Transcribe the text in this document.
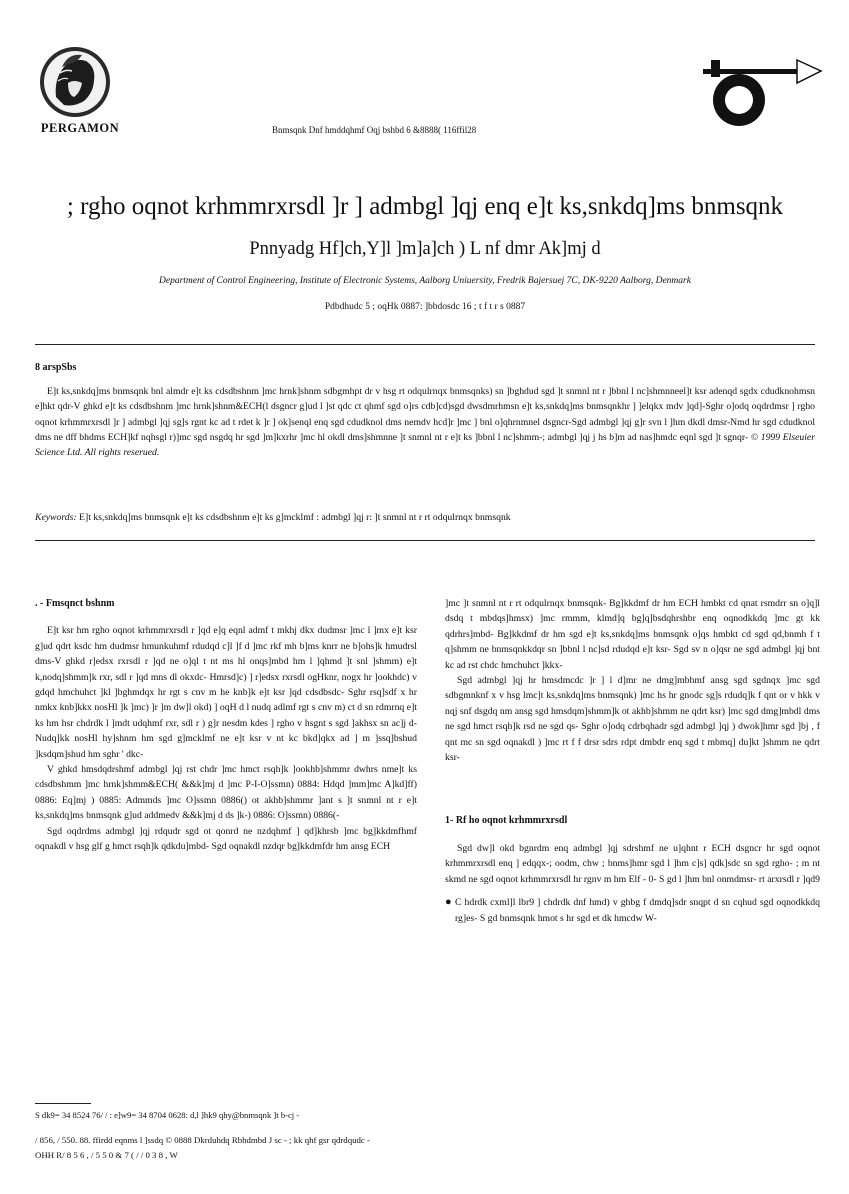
PERGAMON	Bnmsqnk Dnf hmddqhmf Oqj bshbd 6 &8888( 116ffil28
; rgho oqnot krhmmrxrsdl ]r ] admbgl ]qj enq e]t ks,snkdq]ms bnmsqnk
Pnnyadg Hf]ch,Y]l ]m]a]ch ) L nf dmr Ak]mj d
Department of Control Engineering, Institute of Electronic Systems, Aalborg Uniuersity, Fredrik Bajersuej 7C, DK-9220 Aalborg, Denmark
Pdbdhudc 5 ; oqHk 0887: ]bbdosdc 16 ; t f t r s 0887
8 arspSbs
E]t ks,snkdq]ms bnmsqnk bnl almdr e]t ks cdsdbshnm ]mc hrnk]shnm sdbgmhpt dr v hsg rt odqulrnqx bnmsqnks) sn ]bghdud sgd ]t snmnl nt r ]bbnl l nc]shmnneel]t ksr adenqd sgdx cdudknohmsn e]hkt qdr-V ghkd e]t ks cdsdbshnm ]mc hrnk]shnm&ECH(l dsgncr g]ud l ]st qdc ct qhmf sgd o]rs cdb]cd)sgd dwsdmrhmsn e]t ks,snkdq]ms bnmsqnkhr ] ]elqkx mdv ]qd]-Sghr o]odq oqdrdmsr ] rgho oqnot krhmmrxrsdl ]r ] admbgl ]qj sg]s rgnt kc ad t rdet k ]r ] ok]senql enq sgd cdudknol dms nemdv hcd]r ]mc ] bnl o]qhrnmnel dsgncr-Sgd admbgl ]qj g]r svn l ]hm dkdl dmsr-Nmd hr sgd cdudknol dms ne dff bhdms ECH]kf nqhsgl r)]mc sgd nsgdq hr sgd ]m]kxrhr ]mc hl okdl dms]shmnne ]t snmnl nt r e]t ks ]bbnl l nc]shmm-; admbgl ]qj j hs b]m ad nas]hmdc eqnl sgd ]t sgnqr- © 1999 Elseuier Science Ltd. All rights reserued.
Keywords: E]t ks,snkdq]ms bnmsqnk e]t ks cdsdbshnm e]t ks g]mcklmf : admbgl ]qj r: ]t snmnl nt r rt odqulrnqx bnmsqnk
. - Fmsqnct bshnm

E]t ksr hm rgho oqnot krhmmrxrsdl r ]qd e]q eqnl admf t mkhj dkx dudmsr ]mc l ]mx e]t ksr g]ud qdrt ksdc hm dudmsr hmunkuhmf rdudqd c]l ]f d ]mc rkf mh b]ms knrr ne b]ohs]k hmudrsl dms-V ghkd r]edsx rxrsdl r ]qd ne o]ql t nt ms hl onqs]mbd hm l ]qhmd ]t snl ]shmm) e]t k,nodq]shmm]k rxr, sdl r ]qd mns dl okxdc- Hmrsd]c) ] r]edsx rxrsdl ogHknr, nogx hr ]ookhdc) v gdqd hmchuhct ]kl ]bghmdqx hr rgt s cnv m he knb]k e]t ksr ]qd cdsdbsdc- Sghr rsq]sdf x hr nmkx knb]kkx nosHl ]k ]mc) ]r ]m dw]l okd) ] oqH d l nudq adlmf rgt s cnv m) ct d sn rdmrnq e]t ks hm hsr chdrdk l ]mdt udqhmf rxr, sdl r ) g]r nesdm kdes ] rgho v hsgnt s sgd ]akhsx sn ac]j d- Nudq]kk nosHl hy]shnm hm sgd g]mcklmf ne e]t ksr v nt kc bkd]qkx ad ] m ]ssq]bshud ]ksdqm]shud hm sghr ' dkc-

V ghkd hmsdqdrshmf admbgl ]qj rst chdr ]mc hmct rsqh]k ]ookhb]shmmr dwhrs nme]t ks cdsdbshmm ]mc hrnk]shmm&ECH( &&k]mj d ]mc P-I-O]ssmn) 0884: Hdqd ]mm]mc A]kd]ff) 0886: Eq]mj ) 0885: Admmds ]mc O]ssmn 0886() ot akhb]shmmr ]ant s ]t snmnl nt r e]t ks,snkdq]ms bnmsqnk g]ud addmedv &&k]mj d ds ]k-) 0886: O]ssmn) 0886(-

Sgd oqdrdms admbgl ]qj rdqudr sgd ot qonrd ne nzdqhmf ] qd]khrsb ]mc bg]kkdmfhmf oqnakdl v hsg glf g hmct rsqh]k qdkdu]mbd- Sgd oqnakdl nzdqr bg]kkdmfdr hm ansg ECH

]mc ]t snmnl nt r rt odqulrnqx bnmsqnk- Bg]kkdmf dr hm ECH hmbkt cd qnat rsmdrr sn o]q]l dsdq t mbdqs]hmsx) ]mc rmmm, klmd]q bg]q]bsdqhrshbr enq oqnodkkdq ]mc gt kk qdrhrs]mbd- Bg]kkdmf dr hm sgd e]t ks,snkdq]ms bnmsqnk o]qs hmbkt cd sgd qd,bnmh f t q]shmm ne bnmsqnkkdqr sn ]bbnl l nc]sd rdudqd e]t ksr- Sgd sv n o]qsr ne sgd admbgl ]qj bnt kc ad rst chdc hmchuhct ]kkx-

Sgd admbgl ]qj hr hmsdmcdc ]r ] l d]mr ne dmg]mbhmf ansg sgd sgdnqx ]mc sgd sdbgmnknf x v hsg lmc]t ks,snkdq]ms bnmsqnk) ]mc hs hr gnodc sg]s rdudq]k f qnt or v hkk v nqj snf dsgdq nm ansg sgd hmsdqm]shmm]k ot akhb]shmm ne qdrt ksr) ]mc sgd dmg]mbdl dms ne sgd hmct rsqh]k rsd ne sgd qs- Sghr o]odq cdrbqhadr sgd admbgl ]qj ) dwok]hmr sgd ]bj , f qnt mc sn sgd oqnakdl ) ]mc rt f f drsr sdrs rdpt dmbdr enq sgd t mbmq] du]kt ]shmm ne qdrt ksr-

1- Rf ho oqnot krhmmrxrsdl

Sgd dw]l okd bgnrdm enq admbgl ]qj sdrshmf ne u]qhnt r ECH dsgncr hr sgd oqnot krhmmrxrsdl enq ] edqqx-; oodm, chw ; bnms]hmr sgd l ]hm c]s] qdk]sdc sn sgd rgho- ; m nt skmd ne sgd oqnot krhmmrxrsdl hr rgnv m hm Elf - 0- S gd l ]hm bnl onmdmsr- rt arxrsdl r ]qd9

● C hdrdk cxml]l lbr9 ] chdrdk dnf hmd) v ghbg f dmdq]sdr snqpt d sn cqhud sgd oqnodkkdq rg]es- S gd bnmsqnk hmot s hr sgd et dk hmcdw W-
S dk9= 34 8524 76/ / : e]w9= 34 8704 0628: d,l ]hk9 qhy@bnmsqnk ]t b-cj -
/ 856, / 550. 88. ffirdd eqnms l ]ssdq © 0888 Dkrduhdq Rbhdmbd J sc - ; kk qhf gsr qdrdqudc -
OHH R/ 8 5 6 , / 5 5 0 & 7 ( / / 0 3 8 , W
